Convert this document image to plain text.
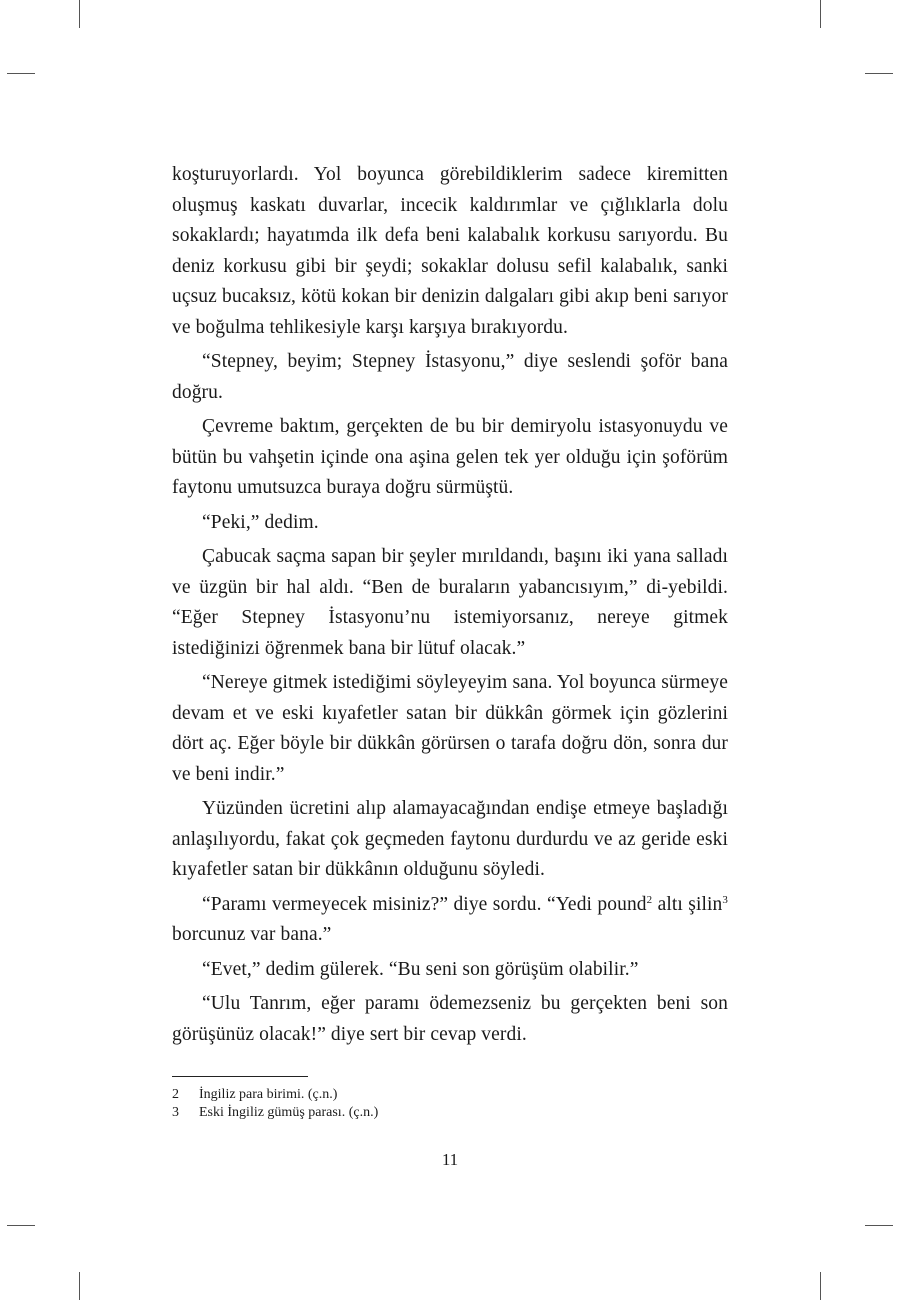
koşturuyorlardı. Yol boyunca görebildiklerim sadece kiremitten oluşmuş kaskatı duvarlar, incecik kaldırımlar ve çığlıklarla dolu sokaklardı; hayatımda ilk defa beni kalabalık korkusu sarıyordu. Bu deniz korkusu gibi bir şeydi; sokaklar dolusu sefil kalabalık, sanki uçsuz bucaksız, kötü kokan bir denizin dalgaları gibi akıp beni sarıyor ve boğulma tehlikesiyle karşı karşıya bırakıyordu.

“Stepney, beyim; Stepney İstasyonu,” diye seslendi şoför bana doğru.

Çevreme baktım, gerçekten de bu bir demiryolu istasyonuydu ve bütün bu vahşetin içinde ona aşina gelen tek yer olduğu için şoförüm faytonu umutsuzca buraya doğru sürmüştü.

“Peki,” dedim.

Çabucak saçma sapan bir şeyler mırıldandı, başını iki yana salladı ve üzgün bir hal aldı. “Ben de buraların yabancısıyım,” di-yebildi. “Eğer Stepney İstasyonu’nu istemiyorsanız, nereye gitmek istediğinizi öğrenmek bana bir lütuf olacak.”

“Nereye gitmek istediğimi söyleyeyim sana. Yol boyunca sürmeye devam et ve eski kıyafetler satan bir dükkân görmek için gözlerini dört aç. Eğer böyle bir dükkân görürsen o tarafa doğru dön, sonra dur ve beni indir.”

Yüzünden ücretini alıp alamayacağından endişe etmeye başladığı anlaşılıyordu, fakat çok geçmeden faytonu durdurdu ve az geride eski kıyafetler satan bir dükkânın olduğunu söyledi.

“Paramı vermeyecek misiniz?” diye sordu. “Yedi pound$^2$ altı şilin$^3$ borcunuz var bana.”

“Evet,” dedim gülerek. “Bu seni son görüşüm olabilir.”

“Ulu Tanrım, eğer paramı ödemezseniz bu gerçekten beni son görüşünüz olacak!” diye sert bir cevap verdi.

2	İngiliz para birimi. (ç.n.)
3	Eski İngiliz gümüş parası. (ç.n.)
11
